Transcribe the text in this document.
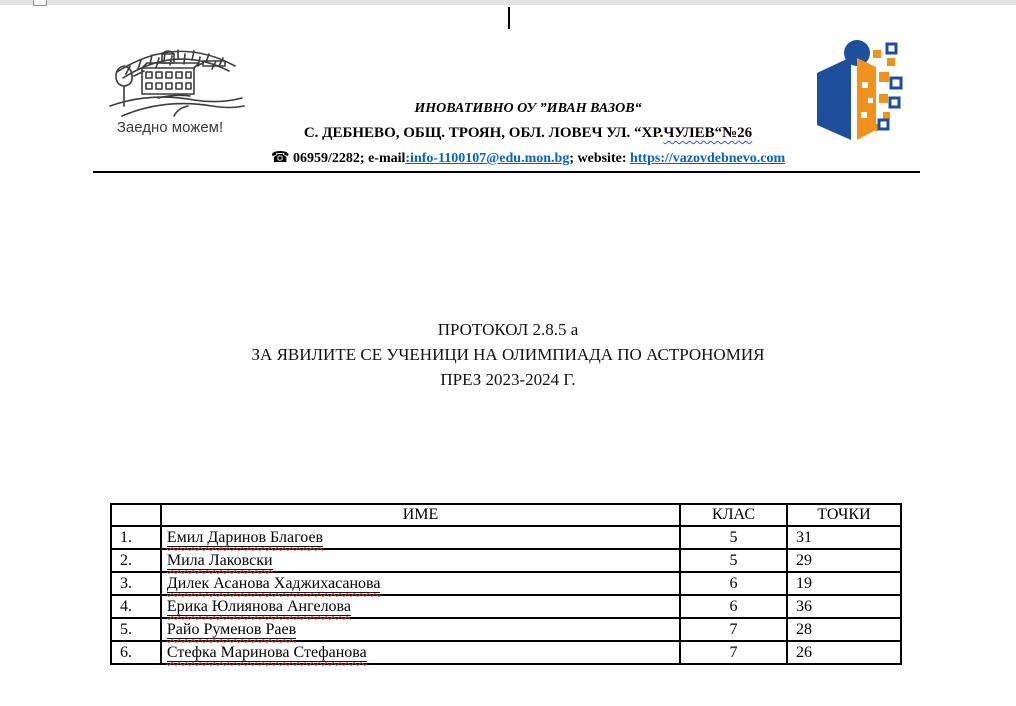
Заедно можем!
ИНОВАТИВНО ОУ ”ИВАН ВАЗОВ“
С. ДЕБНЕВО, ОБЩ. ТРОЯН, ОБЛ. ЛОВЕЧ УЛ. “ХР.ЧУЛЕВ“№26
☎ 06959/2282; e-mail:info-1100107@edu.mon.bg; website: https://vazovdebnevo.com
ПРОТОКОЛ 2.8.5 а
ЗА ЯВИЛИТЕ СЕ УЧЕНИЦИ НА ОЛИМПИАДА ПО АСТРОНОМИЯ
ПРЕЗ 2023-2024 Г.
	ИМЕ	КЛАС	ТОЧКИ
1.	Емил Даринов Благоев	5	31
2.	Мила Лаковски	5	29
3.	Дилек Асанова Хаджихасанова	6	19
4.	Ерика Юлиянова Ангелова	6	36
5.	Райо Руменов Раев	7	28
6.	Стефка Маринова Стефанова	7	26
